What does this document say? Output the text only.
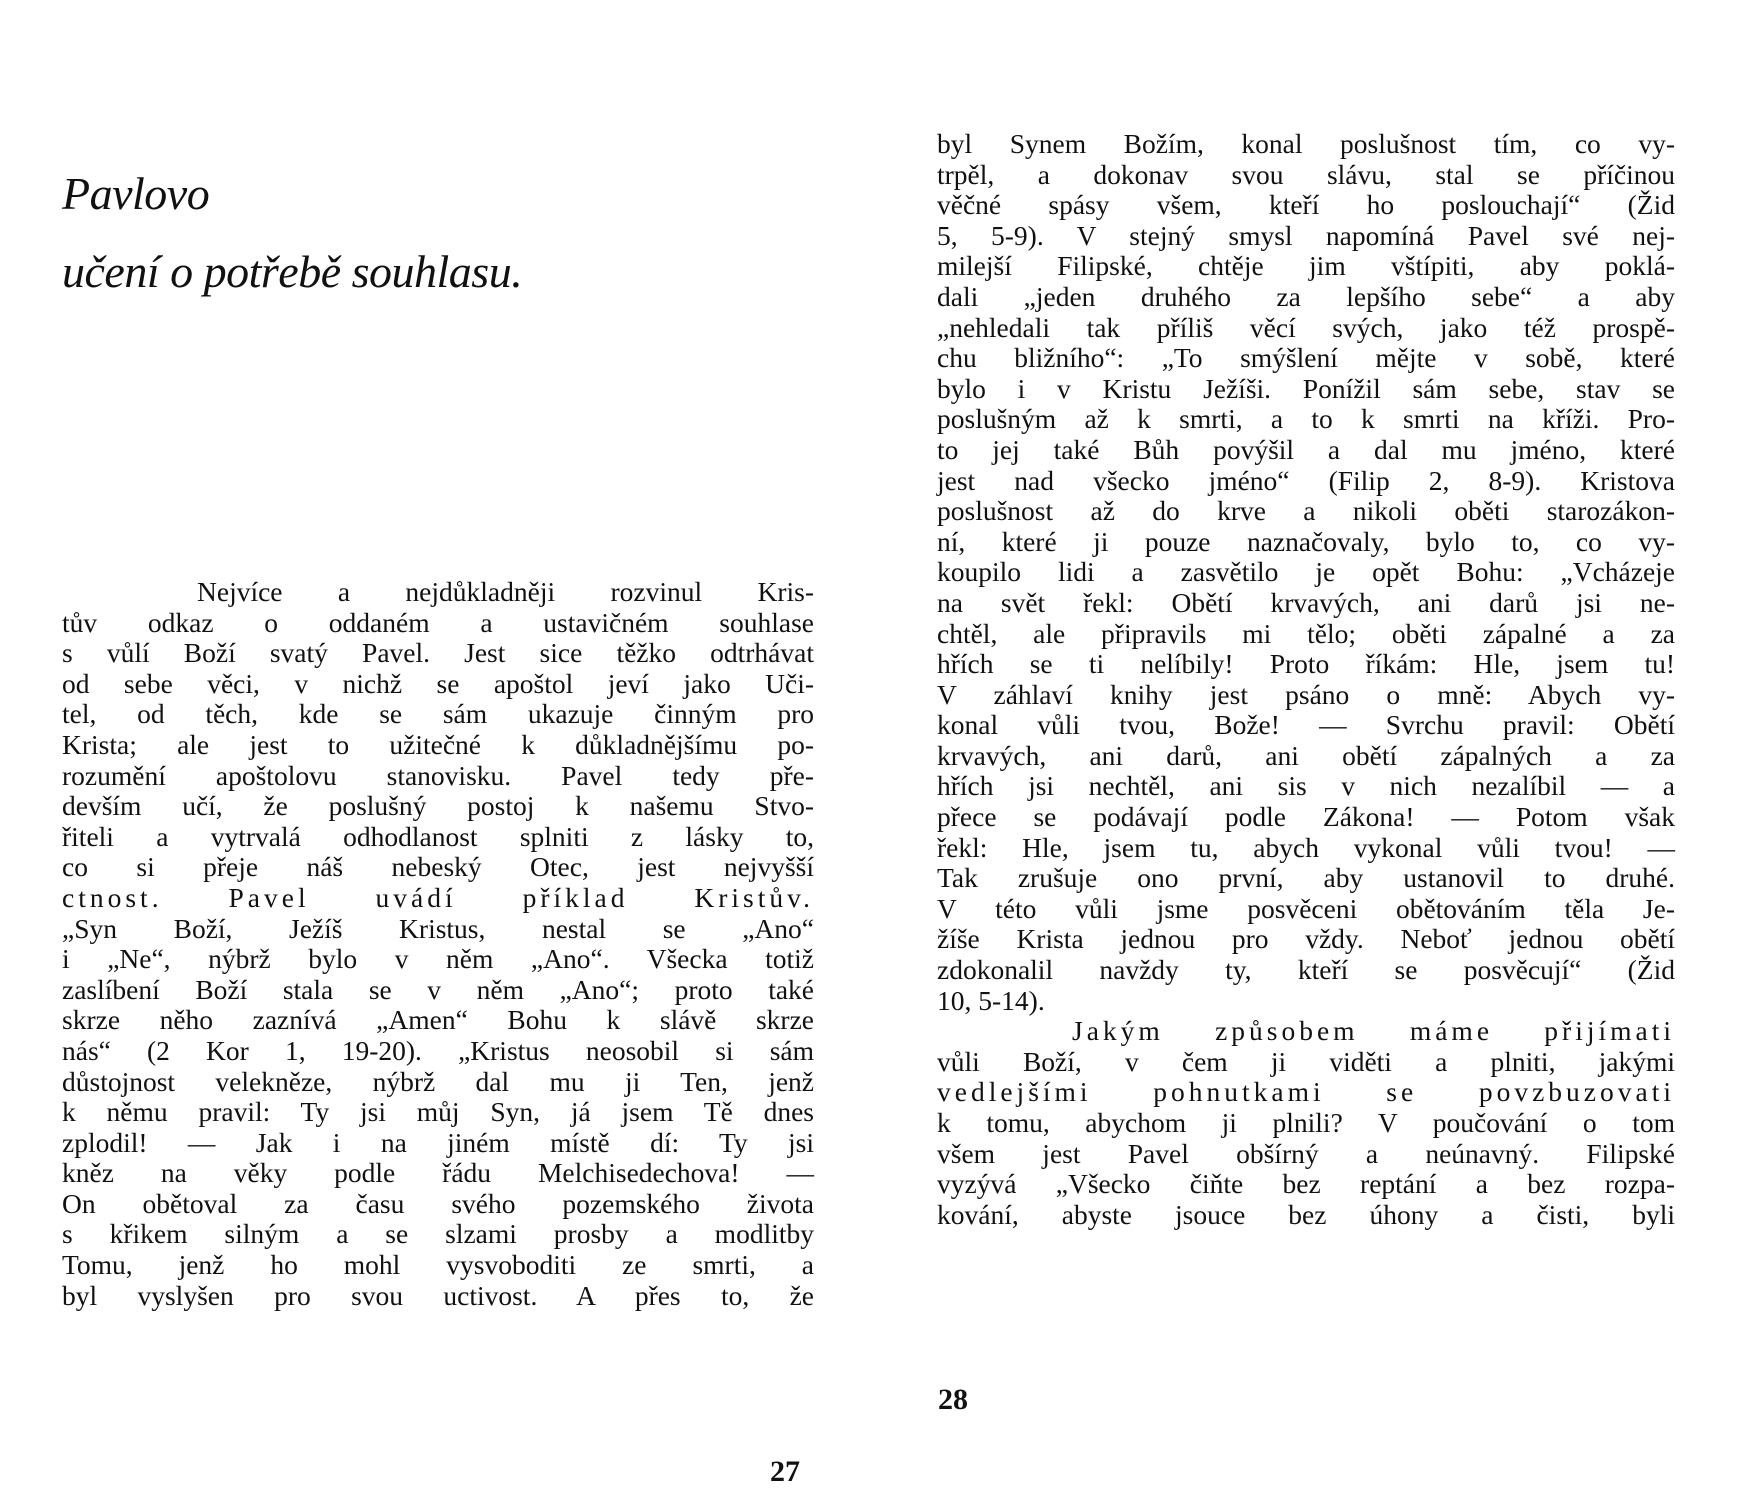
Pavlovo
učení o potřebě souhlasu.
Nejvíce a nejdůkladněji rozvinul Kris-
tův odkaz o oddaném a ustavičném souhlase
s vůlí Boží svatý Pavel. Jest sice těžko odtrhávat
od sebe věci, v nichž se apoštol jeví jako Uči-
tel, od těch, kde se sám ukazuje činným pro
Krista; ale jest to užitečné k důkladnějšímu po-
rozumění apoštolovu stanovisku. Pavel tedy pře-
devším učí, že poslušný postoj k našemu Stvo-
řiteli a vytrvalá odhodlanost splniti z lásky to,
co si přeje náš nebeský Otec, jest nejvyšší
ctnost. Pavel uvádí příklad Kristův.
„Syn Boží, Ježíš Kristus, nestal se „Ano“
i „Ne“, nýbrž bylo v něm „Ano“. Všecka totiž
zaslíbení Boží stala se v něm „Ano“; proto také
skrze něho zaznívá „Amen“ Bohu k slávě skrze
nás“ (2 Kor 1, 19-20). „Kristus neosobil si sám
důstojnost velekněze, nýbrž dal mu ji Ten, jenž
k němu pravil: Ty jsi můj Syn, já jsem Tě dnes
zplodil! — Jak i na jiném místě dí: Ty jsi
kněz na věky podle řádu Melchisedechova! —
On obětoval za času svého pozemského života
s křikem silným a se slzami prosby a modlitby
Tomu, jenž ho mohl vysvoboditi ze smrti, a
byl vyslyšen pro svou uctivost. A přes to, že
27
byl Synem Božím, konal poslušnost tím, co vy-
trpěl, a dokonav svou slávu, stal se příčinou
věčné spásy všem, kteří ho poslouchají“ (Žid
5, 5-9). V stejný smysl napomíná Pavel své nej-
milejší Filipské, chtěje jim vštípiti, aby poklá-
dali „jeden druhého za lepšího sebe“ a aby
„nehledali tak příliš věcí svých, jako též prospě-
chu bližního“: „To smýšlení mějte v sobě, které
bylo i v Kristu Ježíši. Ponížil sám sebe, stav se
poslušným až k smrti, a to k smrti na kříži. Pro-
to jej také Bůh povýšil a dal mu jméno, které
jest nad všecko jméno“ (Filip 2, 8-9). Kristova
poslušnost až do krve a nikoli oběti starozákon-
ní, které ji pouze naznačovaly, bylo to, co vy-
koupilo lidi a zasvětilo je opět Bohu: „Vcházeje
na svět řekl: Obětí krvavých, ani darů jsi ne-
chtěl, ale připravils mi tělo; oběti zápalné a za
hřích se ti nelíbily! Proto říkám: Hle, jsem tu!
V záhlaví knihy jest psáno o mně: Abych vy-
konal vůli tvou, Bože! — Svrchu pravil: Obětí
krvavých, ani darů, ani obětí zápalných a za
hřích jsi nechtěl, ani sis v nich nezalíbil — a
přece se podávají podle Zákona! — Potom však
řekl: Hle, jsem tu, abych vykonal vůli tvou! —
Tak zrušuje ono první, aby ustanovil to druhé.
V této vůli jsme posvěceni obětováním těla Je-
žíše Krista jednou pro vždy. Neboť jednou obětí
zdokonalil navždy ty, kteří se posvěcují“ (Žid
10, 5-14).
Jakým způsobem máme přijímati
vůli Boží, v čem ji viděti a plniti, jakými
vedlejšími pohnutkami se povzbuzovati
k tomu, abychom ji plnili? V poučování o tom
všem jest Pavel obšírný a neúnavný. Filipské
vyzývá „Všecko čiňte bez reptání a bez rozpa-
kování, abyste jsouce bez úhony a čisti, byli
28
